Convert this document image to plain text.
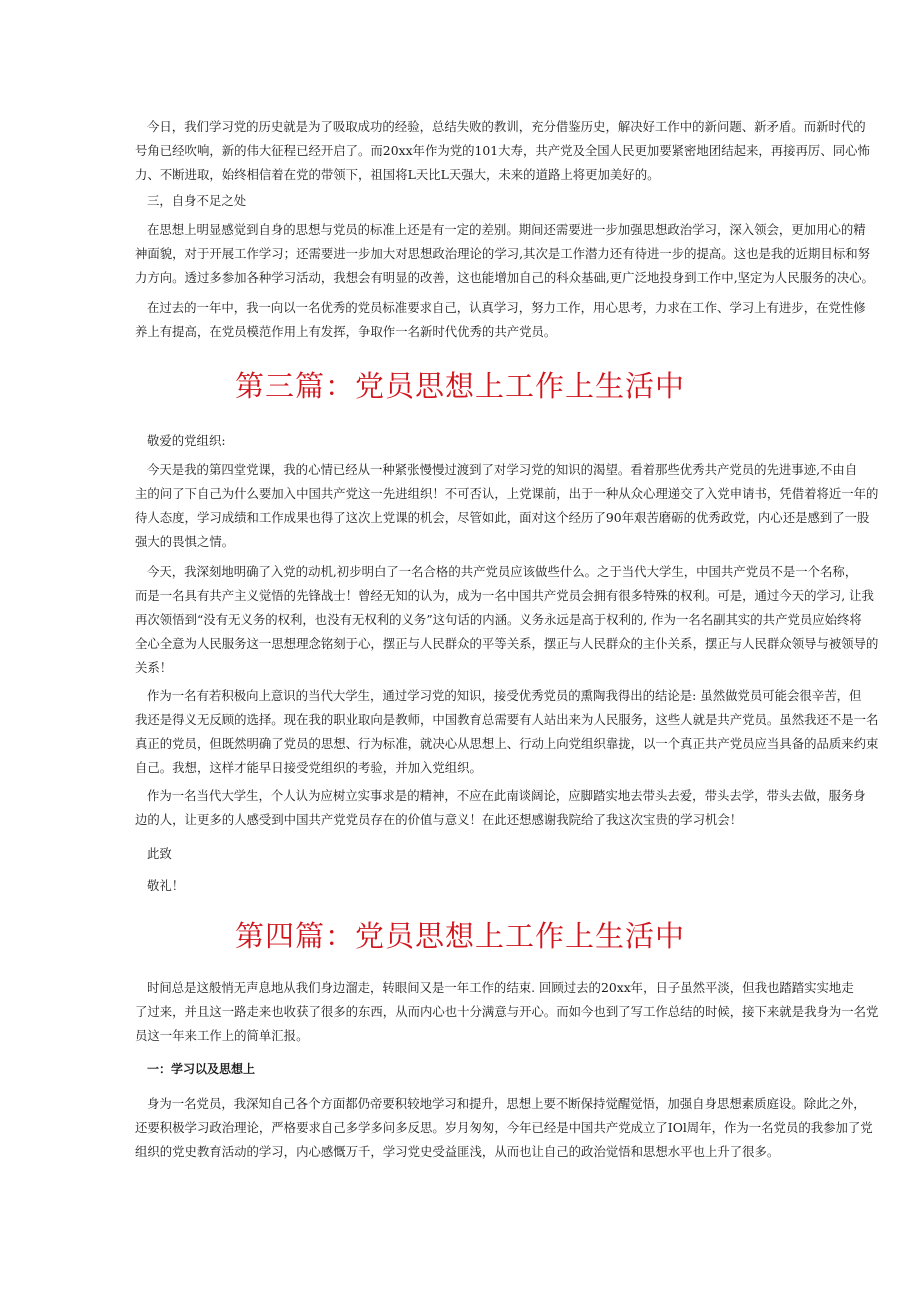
今日，我们学习党的历史就是为了吸取成功的经验，总结失败的教训，充分借鉴历史，解决好工作中的新问题、新矛盾。而新时代的
号角已经吹响，新的伟大征程已经开启了。而20xx年作为党的101大寿，共产党及全国人民更加要紧密地团结起来，再接再厉、同心怖
力、不断进取，始终相信着在党的带领下，祖国将L天比L天强大，未来的道路上将更加美好的。
三，自身不足之处
在思想上明显感觉到自身的思想与党员的标准上还是有一定的差别。期间还需要进一步加强思想政治学习，深入领会，更加用心的精
神面貌，对于开展工作学习；还需要进一步加大对思想政治理论的学习,其次是工作潜力还有待进一步的提高。这也是我的近期目标和努
力方向。透过多参加各种学习活动，我想会有明显的改善，这也能增加自己的科众基础,更广泛地投身到工作中,坚定为人民服务的决心。
在过去的一年中，我一向以一名优秀的党员标准要求自己，认真学习，努力工作，用心思考，力求在工作、学习上有进步，在党性修
养上有提高，在党员模范作用上有发挥，争取作一名新时代优秀的共产党员。
第三篇：党员思想上工作上生活中
敬爱的党组织:
今天是我的第四堂党课，我的心情已经从一种紧张慢慢过渡到了对学习党的知识的渴望。看着那些优秀共产党员的先进事迹,不由自
主的问了下自己为什么要加入中国共产党这一先进组织！不可否认，上党课前，出于一种从众心理递交了入党申请书，凭借着将近一年的
待人态度，学习成绩和工作成果也得了这次上党课的机会，尽管如此，面对这个经历了90年艰苦磨砺的优秀政党，内心还是感到了一股
强大的畏惧之情。
今天，我深刻地明确了入党的动机,初步明白了一名合格的共产党员应该做些什么。之于当代大学生，中国共产党员不是一个名称，
而是一名具有共产主义觉悟的先锋战士！曾经无知的认为，成为一名中国共产党员会拥有很多特殊的权利。可是，通过今天的学习, 让我
再次领悟到“没有无义务的权利，也没有无权利的义务”这句话的内涵。义务永远是高于权利的, 作为一名名副其实的共产党员应始终将
全心全意为人民服务这一思想理念铭刻于心，摆正与人民群众的平等关系，摆正与人民群众的主仆关系，摆正与人民群众领导与被领导的
关系！
作为一名有若积极向上意识的当代大学生，通过学习党的知识，接受优秀党员的熏陶我得出的结论是: 虽然做党员可能会很辛苦，但
我还是得义无反顾的选择。现在我的职业取向是教师，中国教育总需要有人站出来为人民服务，这些人就是共产党员。虽然我还不是一名
真正的党员，但既然明确了党员的思想、行为标准，就决心从思想上、行动上向党组织靠拢，以一个真正共产党员应当具备的品质来约束
自己。我想，这样才能早日接受党组织的考验，并加入党组织。
作为一名当代大学生，个人认为应树立实事求是的精神，不应在此南谈阔论，应脚踏实地去带头去爱，带头去学，带头去做，服务身
边的人，让更多的人感受到中国共产党党员存在的价值与意义！在此还想感谢我院给了我这次宝贵的学习机会！
此致
敬礼！
第四篇：党员思想上工作上生活中
时间总是这般悄无声息地从我们身边溜走，转眼间又是一年工作的结束. 回顾过去的20xx年，日子虽然平淡，但我也踏踏实实地走
了过来，并且这一路走来也收获了很多的东西，从而内心也十分满意与开心。而如今也到了写工作总结的时候，接下来就是我身为一名党
员这一年来工作上的简单汇报。
一：学习以及思想上
身为一名党员，我深知自己各个方面都仍帝要积较地学习和提升，思想上要不断保持觉醒觉悟，加强自身思想素质庭设。除此之外，
还要积极学习政治理论，严格要求自己多学多问多反思。岁月匆匆，今年已经是中国共产党成立了IOl周年，作为一名党员的我参加了党
组织的党史教育活动的学习，内心感慨万千，学习党史受益匪浅，从而也让自己的政治觉悟和思想水平也上升了很多。
